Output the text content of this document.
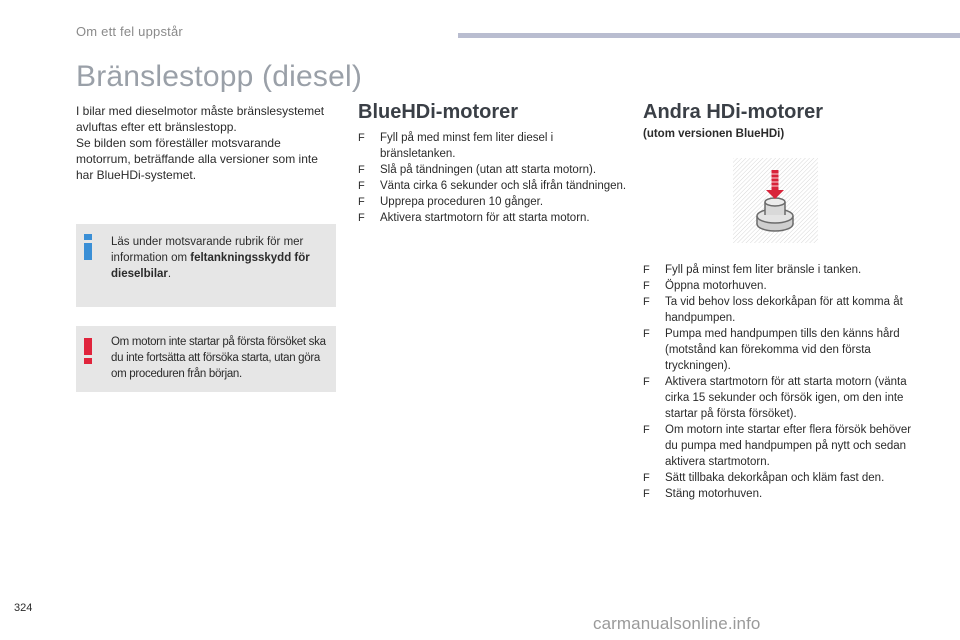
Om ett fel uppstår
Bränslestopp (diesel)

I bilar med dieselmotor måste bränslesystemet

avluftas efter ett bränslestopp.

Se bilden som föreställer motsvarande

motorrum, beträffande alla versioner som inte

har BlueHDi-systemet.

Läs under motsvarande rubrik för mer information om feltankningsskydd för dieselbilar.
Om motorn inte startar på första försöket ska du inte fortsätta att försöka starta, utan göra om proceduren från början.
BlueHDi-motorer
F Fyll på med minst fem liter diesel i bränsletanken.
F Slå på tändningen (utan att starta motorn).
F Vänta cirka 6 sekunder och slå ifrån tändningen.
F Upprepa proceduren 10 gånger.
F Aktivera startmotorn för att starta motorn.
Andra HDi-motorer
(utom versionen BlueHDi)
F Fyll på minst fem liter bränsle i tanken.
F Öppna motorhuven.
F Ta vid behov loss dekorkåpan för att komma åt handpumpen.
F Pumpa med handpumpen tills den känns hård (motstånd kan förekomma vid den första tryckningen).
F Aktivera startmotorn för att starta motorn (vänta cirka 15 sekunder och försök igen, om den inte startar på första försöket).
F Om motorn inte startar efter flera försök behöver du pumpa med handpumpen på nytt och sedan aktivera startmotorn.
F Sätt tillbaka dekorkåpan och kläm fast den.
F Stäng motorhuven.
324
carmanualsonline.info
